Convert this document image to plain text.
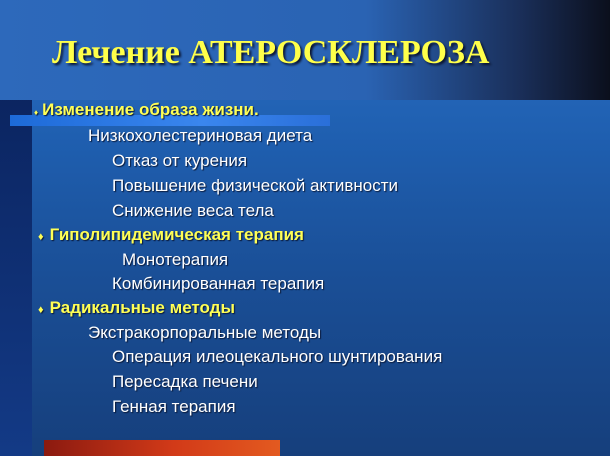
Лечение АТЕРОСКЛЕРОЗА
♦ Изменение образа жизни.
Низкохолестериновая диета
Отказ от курения
Повышение физической активности
Снижение веса тела
♦ Гиполипидемическая терапия
Монотерапия
Комбинированная терапия
♦ Радикальные методы
Экстракорпоральные методы
Операция илеоцекального шунтирования
Пересадка печени
Генная терапия
